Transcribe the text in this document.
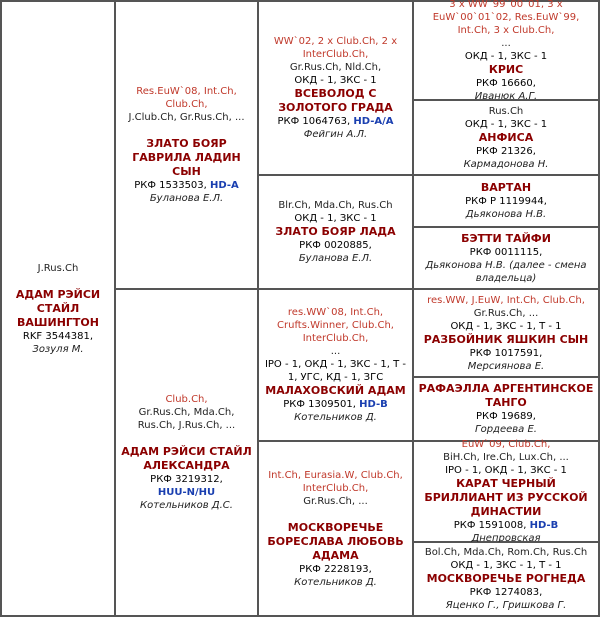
J.Rus.Ch

АДАМ РЭЙСИ СТАЙЛ ВАШИНГТОН
RKF 3544381,
Зозуля М.
Res.EuW`08, Int.Ch, Club.Ch,
J.Club.Ch, Gr.Rus.Ch, ...

ЗЛАТО БОЯР ГАВРИЛА ЛАДИН СЫН
РКФ 1533503, HD-A
Буланова Е.Л.
Club.Ch,
Gr.Rus.Ch, Mda.Ch, Rus.Ch, J.Rus.Ch, ...

АДАМ РЭЙСИ СТАЙЛ АЛЕКСАНДРА
РКФ 3219312,
HUU-N/HU
Котельников Д.С.
WW`02, 2 x Club.Ch, 2 x InterClub.Ch,
Gr.Rus.Ch, Nld.Ch,
ОКД - 1, ЗКС - 1
ВСЕВОЛОД С ЗОЛОТОГО ГРАДА
РКФ 1064763, HD-A/A
Фейгин А.Л.
Blr.Ch, Mda.Ch, Rus.Ch
ОКД - 1, ЗКС - 1
ЗЛАТО БОЯР ЛАДА
РКФ 0020885,
Буланова Е.Л.
res.WW`08, Int.Ch, Crufts.Winner, Club.Ch, InterClub.Ch,
...
IPO - 1, ОКД - 1, ЗКС - 1, Т - 1, УГС, КД - 1, ЗГС
МАЛАХОВСКИЙ АДАМ
РКФ 1309501, HD-B
Котельников Д.
Int.Ch, Eurasia.W, Club.Ch, InterClub.Ch,
Gr.Rus.Ch, ...

МОСКВОРЕЧЬЕ БОРЕСЛАВА ЛЮБОВЬ АДАМА
РКФ 2228193,
Котельников Д.
3 x WW`99`00`01, 3 x EuW`00`01`02, Res.EuW`99, Int.Ch, 3 x Club.Ch,
...
ОКД - 1, ЗКС - 1
КРИС
РКФ 16660,
Иванюк А.Г.
Rus.Ch
ОКД - 1, ЗКС - 1
АНФИСА
РКФ 21326,
Кармадонова Н.
ВАРТАН
РКФ Р 1119944,
Дьяконова Н.В.
БЭТТИ ТАЙФИ
РКФ 0011115,
Дьяконова Н.В. (далее - смена владельца)
res.WW, J.EuW, Int.Ch, Club.Ch,
Gr.Rus.Ch, ...
ОКД - 1, ЗКС - 1, Т - 1
РАЗБОЙНИК ЯШКИН СЫН
РКФ 1017591,
Мерсиянова Е.
РАФАЭЛЛА АРГЕНТИНСКОЕ ТАНГО
РКФ 19689,
Гордеева Е.
EuW`09, Club.Ch,
BiH.Ch, Ire.Ch, Lux.Ch, ...
IPO - 1, ОКД - 1, ЗКС - 1
КАРАТ ЧЕРНЫЙ БРИЛЛИАНТ ИЗ РУССКОЙ ДИНАСТИИ
РКФ 1591008, HD-B
Днепровская
Bol.Ch, Mda.Ch, Rom.Ch, Rus.Ch
ОКД - 1, ЗКС - 1, Т - 1
МОСКВОРЕЧЬЕ РОГНЕДА
РКФ 1274083,
Яценко Г., Гришкова Г.
